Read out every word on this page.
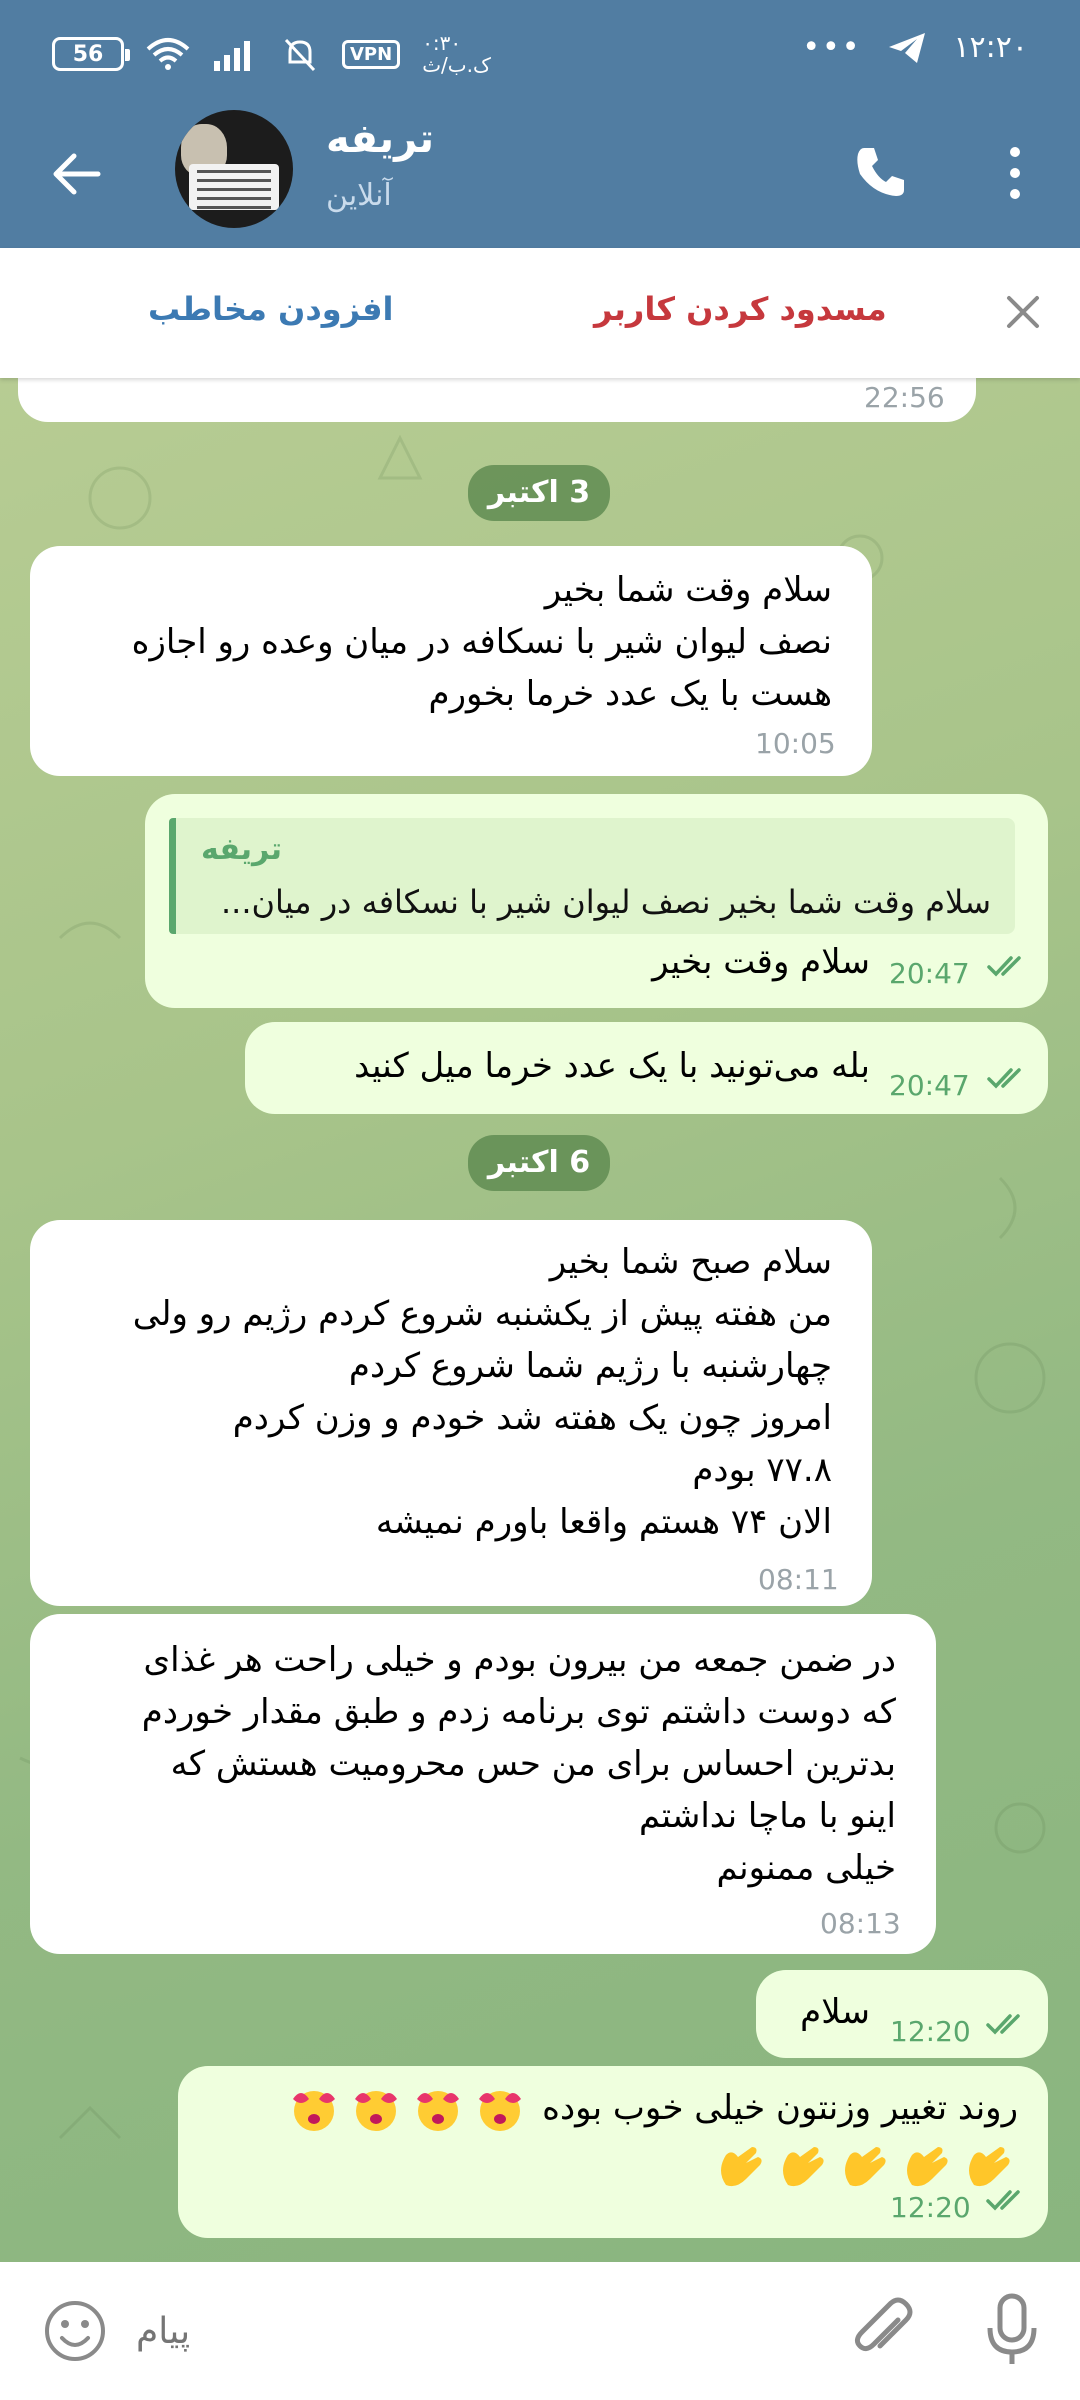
56	VPN	۰:۳۰
ک.ب/ث	•••	۱۲:۲۰
تریفه
آنلاین
افزودن مخاطب	مسدود کردن کاربر
22:56
3 اکتبر
سلام وقت شما بخیر
نصف لیوان شیر با نسکافه در میان وعده رو اجازه
هست با یک عدد خرما بخورم
10:05
تریفه
سلام وقت شما بخیر نصف لیوان شیر با نسکافه در میان...
سلام وقت بخیر 20:47
بله می‌تونید با یک عدد خرما میل کنید 20:47
6 اکتبر
سلام صبح شما بخیر
من هفته پیش از یکشنبه شروع کردم رژیم رو ولی
چهارشنبه با رژیم شما شروع کردم
امروز چون یک هفته شد خودم و وزن کردم
۷۷.۸ بودم
الان ۷۴ هستم واقعا باورم نمیشه
08:11
در ضمن جمعه من بیرون بودم و خیلی راحت هر غذای
که دوست داشتم توی برنامه زدم و طبق مقدار خوردم
بدترین احساس برای من حس محرومیت هستش که
اینو با ماچا نداشتم
خیلی ممنونم
08:13
سلام 12:20
روند تغییر وزنتون خیلی خوب بوده
12:20
پیام
